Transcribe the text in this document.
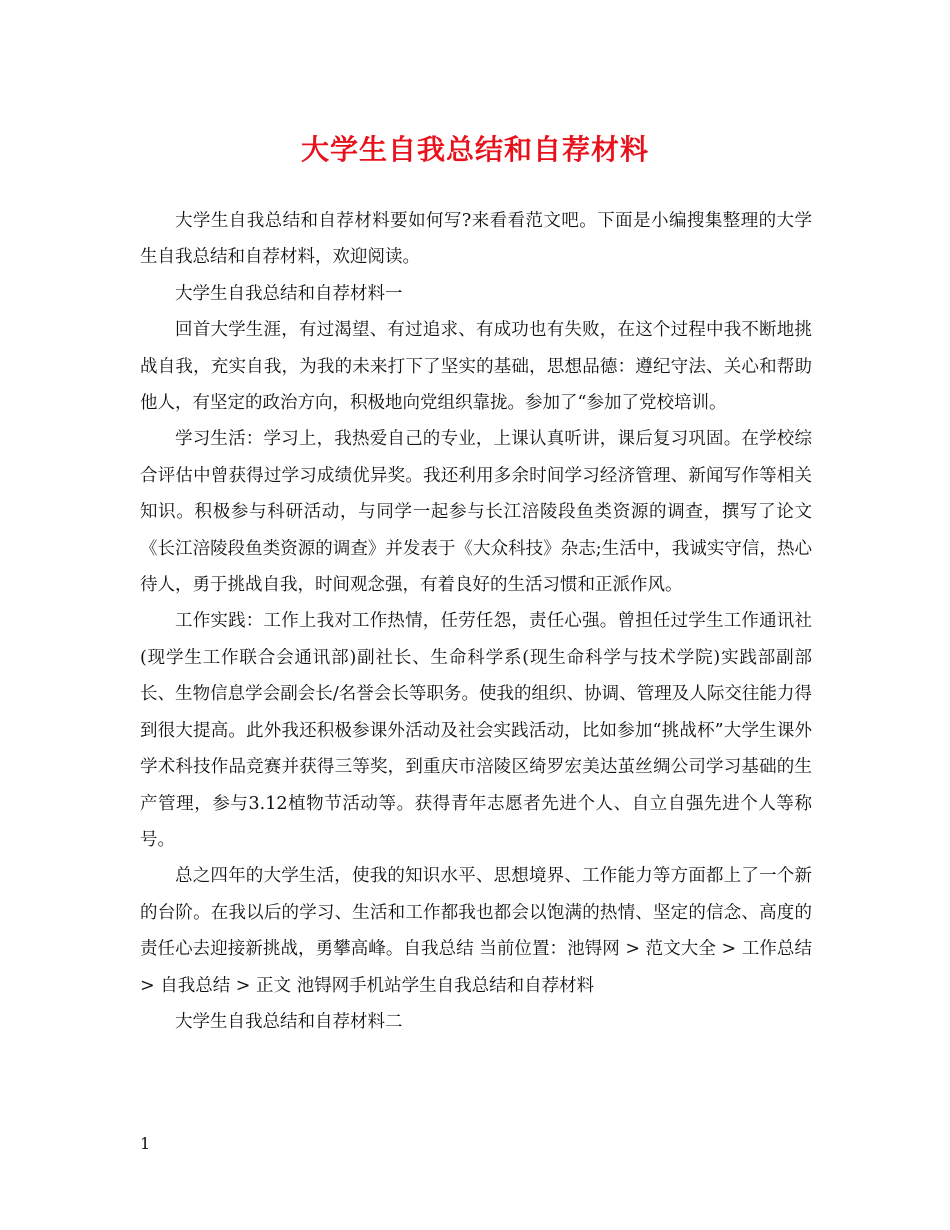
大学生自我总结和自荐材料

大学生自我总结和自荐材料要如何写?来看看范文吧。下面是小编搜集整理的大学生自我总结和自荐材料，欢迎阅读。

大学生自我总结和自荐材料一

回首大学生涯，有过渴望、有过追求、有成功也有失败，在这个过程中我不断地挑战自我，充实自我，为我的未来打下了坚实的基础，思想品德：遵纪守法、关心和帮助他人，有坚定的政治方向，积极地向党组织靠拢。参加了“参加了党校培训。

学习生活：学习上，我热爱自己的专业，上课认真听讲，课后复习巩固。在学校综合评估中曾获得过学习成绩优异奖。我还利用多余时间学习经济管理、新闻写作等相关知识。积极参与科研活动，与同学一起参与长江涪陵段鱼类资源的调查，撰写了论文《长江涪陵段鱼类资源的调查》并发表于《大众科技》杂志;生活中，我诚实守信，热心待人，勇于挑战自我，时间观念强，有着良好的生活习惯和正派作风。

工作实践：工作上我对工作热情，任劳任怨，责任心强。曾担任过学生工作通讯社(现学生工作联合会通讯部)副社长、生命科学系(现生命科学与技术学院)实践部副部长、生物信息学会副会长/名誉会长等职务。使我的组织、协调、管理及人际交往能力得到很大提高。此外我还积极参课外活动及社会实践活动，比如参加“挑战杯”大学生课外学术科技作品竞赛并获得三等奖，到重庆市涪陵区绮罗宏美达茧丝绸公司学习基础的生产管理，参与3.12植物节活动等。获得青年志愿者先进个人、自立自强先进个人等称号。

总之四年的大学生活，使我的知识水平、思想境界、工作能力等方面都上了一个新的台阶。在我以后的学习、生活和工作都我也都会以饱满的热情、坚定的信念、高度的责任心去迎接新挑战，勇攀高峰。自我总结 当前位置：池锝网 > 范文大全 > 工作总结 > 自我总结 > 正文 池锝网手机站学生自我总结和自荐材料

大学生自我总结和自荐材料二

1
